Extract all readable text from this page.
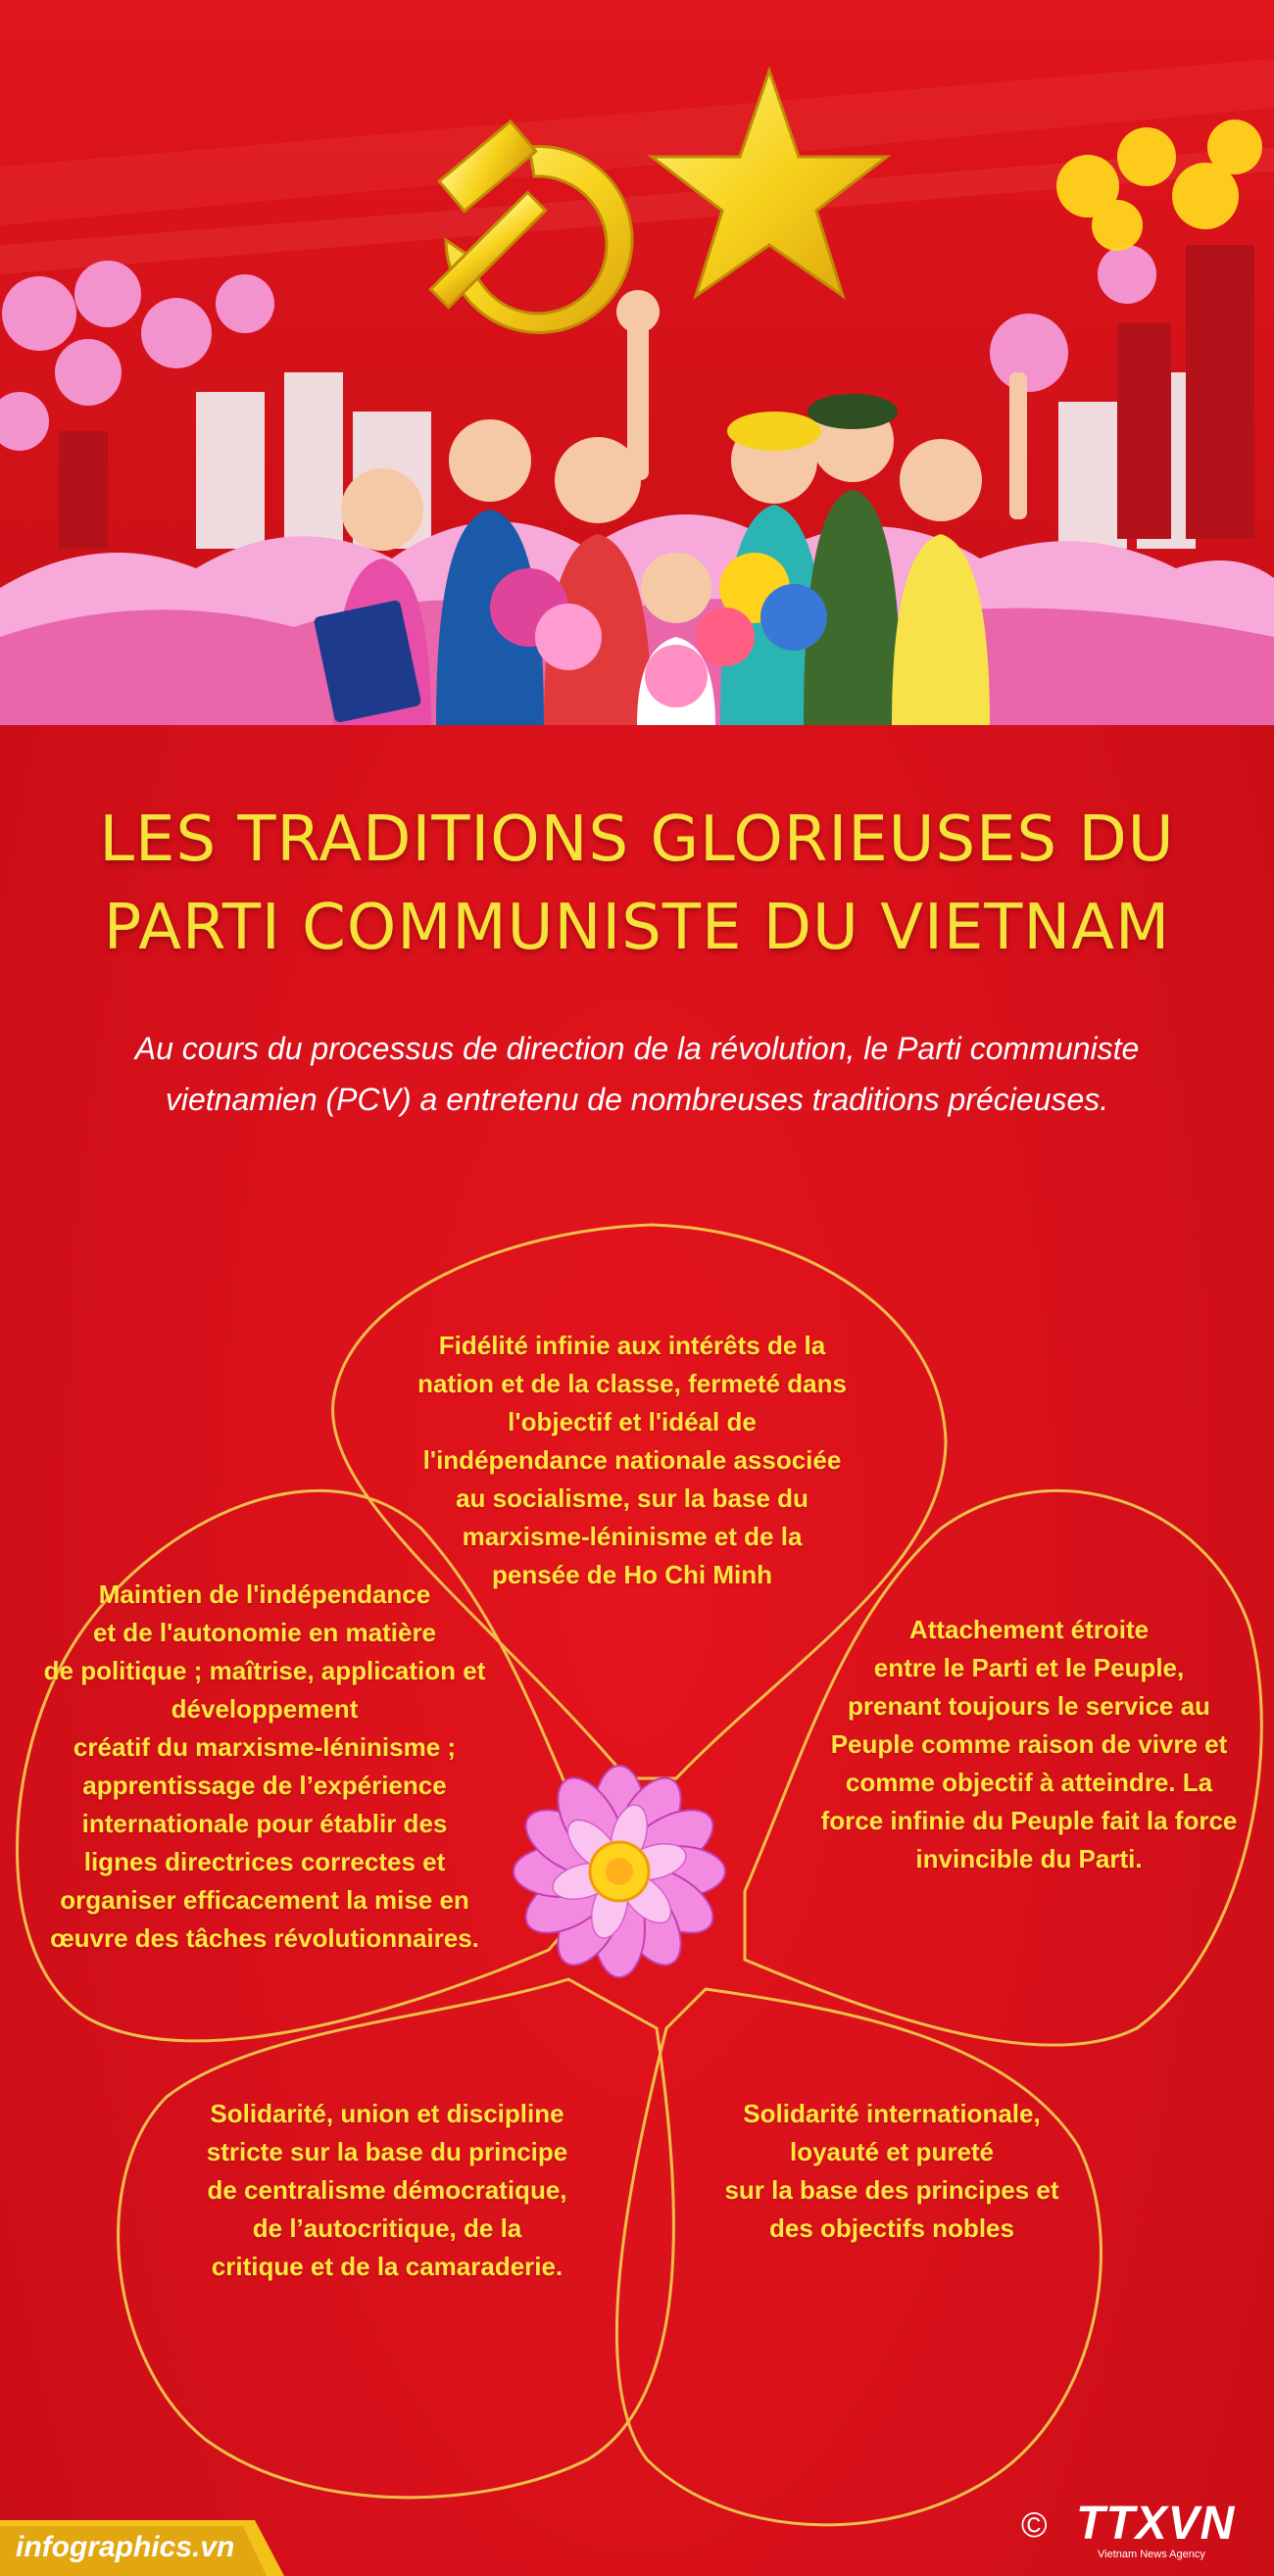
LES TRADITIONS GLORIEUSES DU
PARTI COMMUNISTE DU VIETNAM
Au cours du processus de direction de la révolution, le Parti communiste
vietnamien (PCV) a entretenu de nombreuses traditions précieuses.
Fidélité infinie aux intérêts de la
nation et de la classe, fermeté dans
l'objectif et l'idéal de
l'indépendance nationale associée
au socialisme, sur la base du
marxisme-léninisme et de la
pensée de Ho Chi Minh
Maintien de l'indépendance
et de l'autonomie en matière
de politique ; maîtrise, application et
développement
créatif du marxisme-léninisme ;
apprentissage de l’expérience
internationale pour établir des
lignes directrices correctes et
organiser efficacement la mise en
œuvre des tâches révolutionnaires.
Attachement étroite
entre le Parti et le Peuple,
prenant toujours le service au
Peuple comme raison de vivre et
comme objectif à atteindre. La
force infinie du Peuple fait la force
invincible du Parti.
Solidarité, union et discipline
stricte sur la base du principe
de centralisme démocratique,
de l’autocritique, de la
critique et de la camaraderie.
Solidarité internationale,
loyauté et pureté
sur la base des principes et
des objectifs nobles
infographics.vn
© TTXVN
Vietnam News Agency
